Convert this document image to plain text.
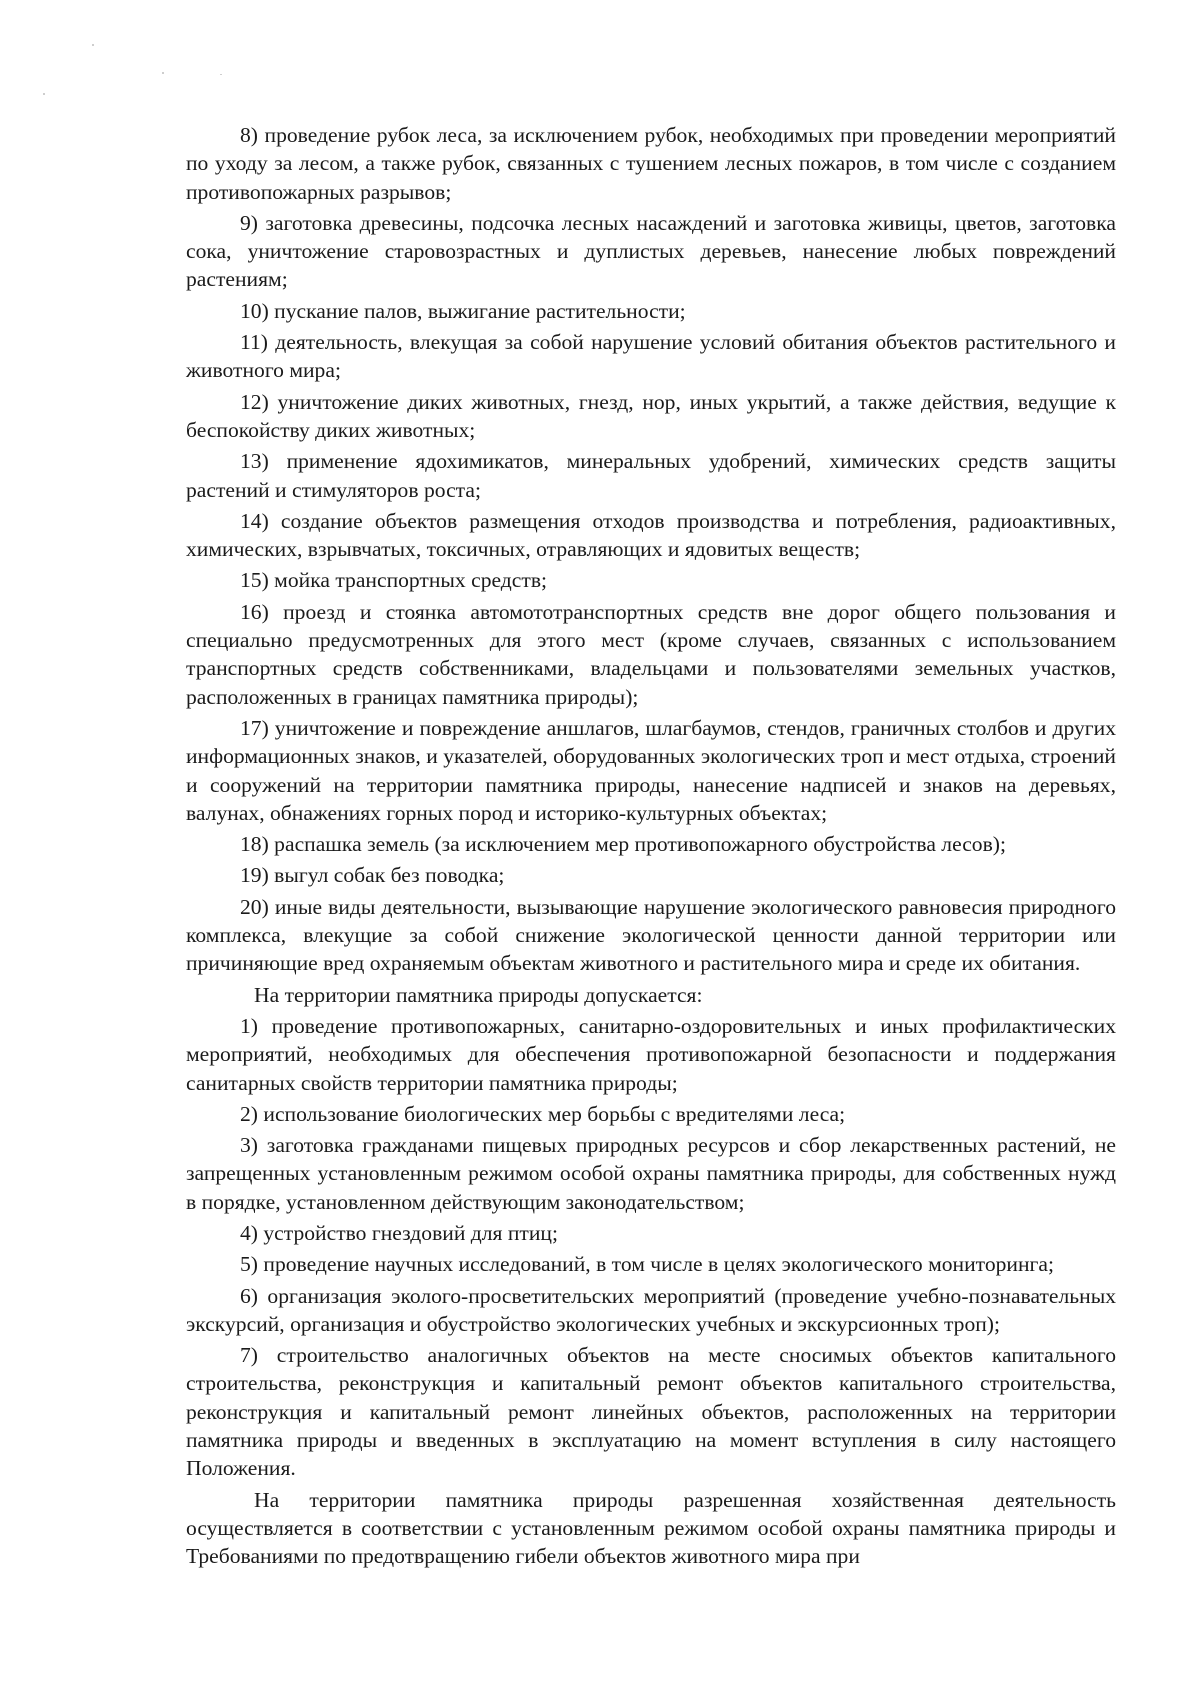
8) проведение рубок леса, за исключением рубок, необходимых при проведении мероприятий по уходу за лесом, а также рубок, связанных с тушением лесных пожаров, в том числе с созданием противопожарных разрывов;

9) заготовка древесины, подсочка лесных насаждений и заготовка живицы, цветов, заготовка сока, уничтожение старовозрастных и дуплистых деревьев, нанесение любых повреждений растениям;

10) пускание палов, выжигание растительности;

11) деятельность, влекущая за собой нарушение условий обитания объектов растительного и животного мира;

12) уничтожение диких животных, гнезд, нор, иных укрытий, а также действия, ведущие к беспокойству диких животных;

13) применение ядохимикатов, минеральных удобрений, химических средств защиты растений и стимуляторов роста;

14) создание объектов размещения отходов производства и потребления, радиоактивных, химических, взрывчатых, токсичных, отравляющих и ядовитых веществ;

15) мойка транспортных средств;

16) проезд и стоянка автомототранспортных средств вне дорог общего пользования и специально предусмотренных для этого мест (кроме случаев, связанных с использованием транспортных средств собственниками, владельцами и пользователями земельных участков, расположенных в границах памятника природы);

17) уничтожение и повреждение аншлагов, шлагбаумов, стендов, граничных столбов и других информационных знаков, и указателей, оборудованных экологических троп и мест отдыха, строений и сооружений на территории памятника природы, нанесение надписей и знаков на деревьях, валунах, обнажениях горных пород и историко-культурных объектах;

18) распашка земель (за исключением мер противопожарного обустройства лесов);

19) выгул собак без поводка;

20) иные виды деятельности, вызывающие нарушение экологического равновесия природного комплекса, влекущие за собой снижение экологической ценности данной территории или причиняющие вред охраняемым объектам животного и растительного мира и среде их обитания.

На территории памятника природы допускается:

1) проведение противопожарных, санитарно-оздоровительных и иных профилактических мероприятий, необходимых для обеспечения противопожарной безопасности и поддержания санитарных свойств территории памятника природы;

2) использование биологических мер борьбы с вредителями леса;

3) заготовка гражданами пищевых природных ресурсов и сбор лекарственных растений, не запрещенных установленным режимом особой охраны памятника природы, для собственных нужд в порядке, установленном действующим законодательством;

4) устройство гнездовий для птиц;

5) проведение научных исследований, в том числе в целях экологического мониторинга;

6) организация эколого-просветительских мероприятий (проведение учебно-познавательных экскурсий, организация и обустройство экологических учебных и экскурсионных троп);

7) строительство аналогичных объектов на месте сносимых объектов капитального строительства, реконструкция и капитальный ремонт объектов капитального строительства, реконструкция и капитальный ремонт линейных объектов, расположенных на территории памятника природы и введенных в эксплуатацию на момент вступления в силу настоящего Положения.

На территории памятника природы разрешенная хозяйственная деятельность осуществляется в соответствии с установленным режимом особой охраны памятника природы и Требованиями по предотвращению гибели объектов животного мира при
